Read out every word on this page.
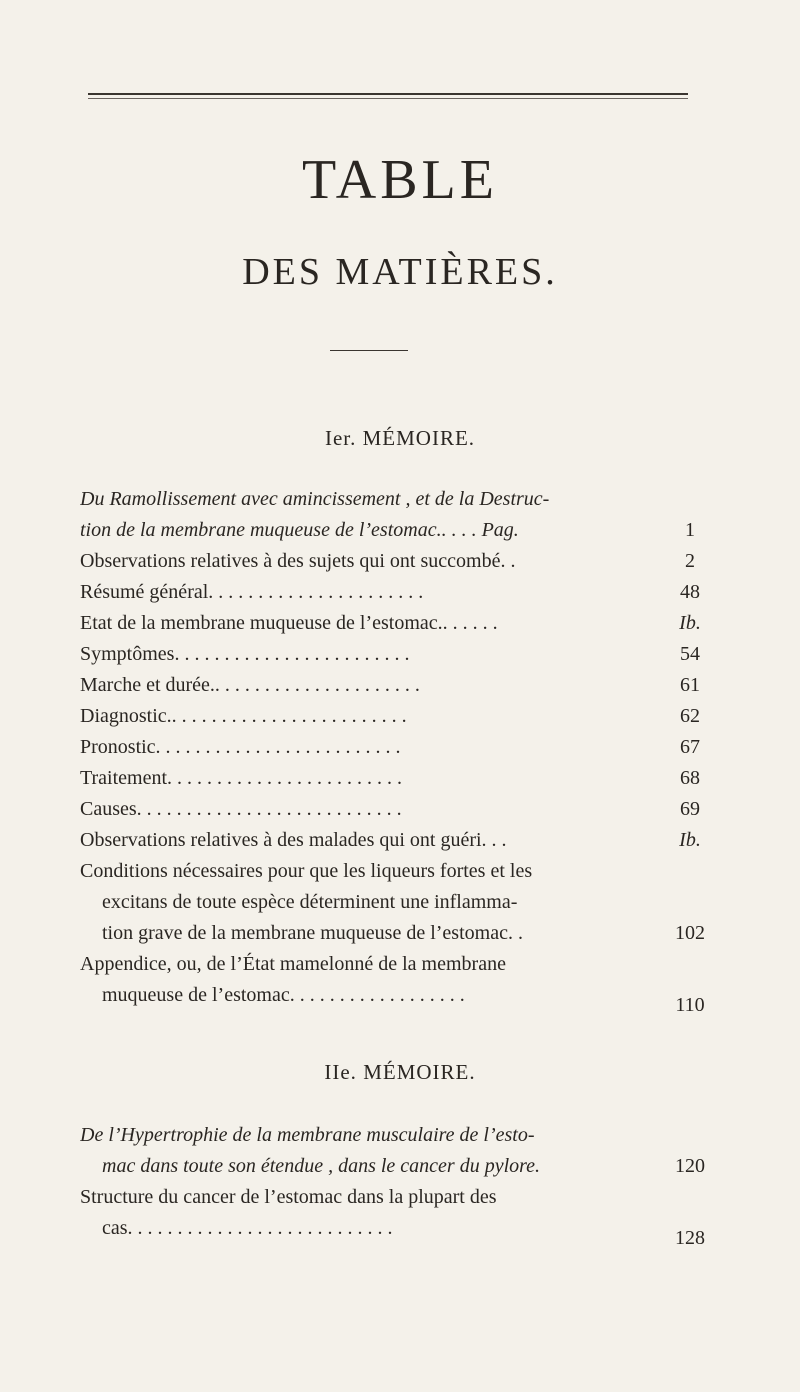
TABLE
DES MATIÈRES.
Ier. MÉMOIRE.
Du Ramollissement avec amincissement , et de la Destruc-
tion de la membrane muqueuse de l’estomac.. . . . Pag.	1
Observations relatives à des sujets qui ont succombé. .	2
Résumé général. . . . . . . . . . . . . . . . . . . . . .	48
Etat de la membrane muqueuse de l’estomac.. . . . . .	Ib.
Symptômes. . . . . . . . . . . . . . . . . . . . . . . .	54
Marche et durée.. . . . . . . . . . . . . . . . . . . . .	61
Diagnostic.. . . . . . . . . . . . . . . . . . . . . . . .	62
Pronostic. . . . . . . . . . . . . . . . . . . . . . . . .	67
Traitement. . . . . . . . . . . . . . . . . . . . . . . .	68
Causes. . . . . . . . . . . . . . . . . . . . . . . . . . .	69
Observations relatives à des malades qui ont guéri. . .	Ib.
Conditions nécessaires pour que les liqueurs fortes et les
excitans de toute espèce déterminent une inflamma-
tion grave de la membrane muqueuse de l’estomac. .	102
Appendice, ou, de l’État mamelonné de la membrane
muqueuse de l’estomac. . . . . . . . . . . . . . . . . .	110
IIe. MÉMOIRE.
De l’Hypertrophie de la membrane musculaire de l’esto-
mac dans toute son étendue , dans le cancer du pylore.	120
Structure du cancer de l’estomac dans la plupart des
cas. . . . . . . . . . . . . . . . . . . . . . . . . . .	128
